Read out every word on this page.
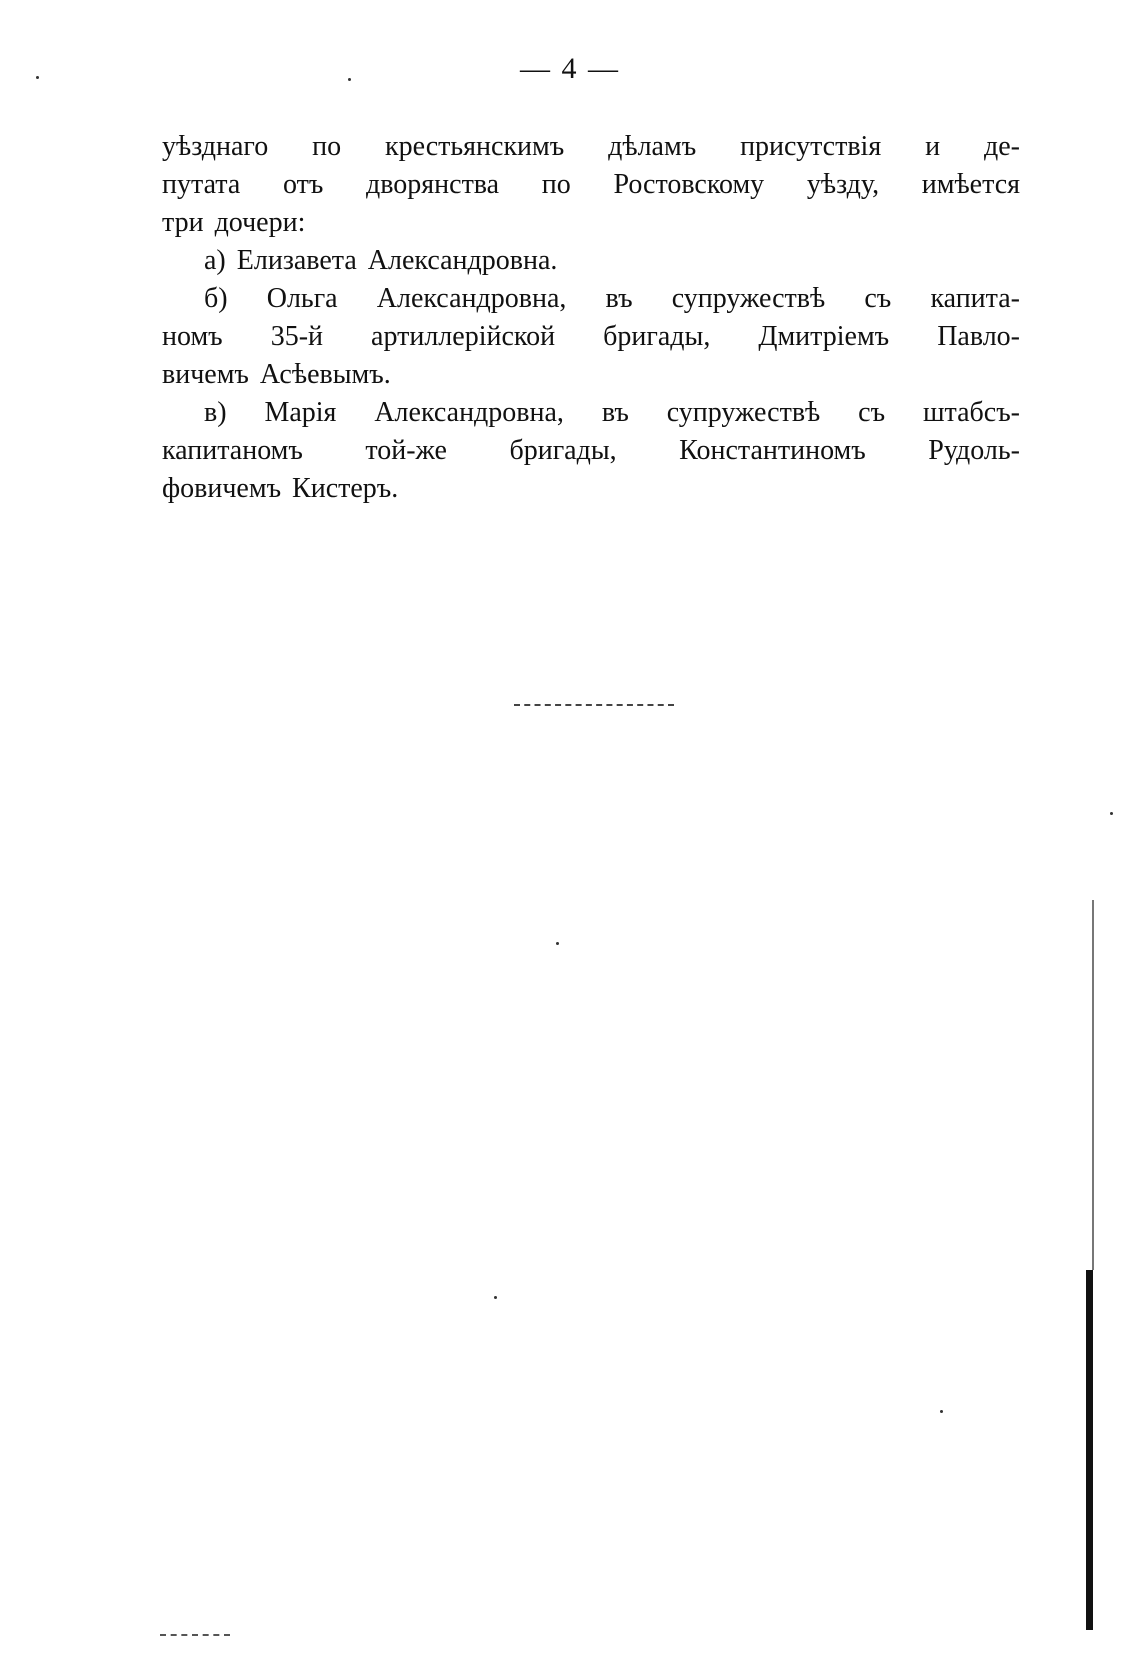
— 4 —
уѣзднаго по крестьянскимъ дѣламъ присутствія и де-
путата отъ дворянства по Ростовскому уѣзду, имѣется
три дочери:
а) Елизавета Александровна.
б) Ольга Александровна, въ супружествѣ съ капита-
номъ 35-й артиллерійской бригады, Дмитріемъ Павло-
вичемъ Асѣевымъ.
в) Марія Александровна, въ супружествѣ съ штабсъ-
капитаномъ той-же бригады, Константиномъ Рудоль-
фовичемъ Кистеръ.
